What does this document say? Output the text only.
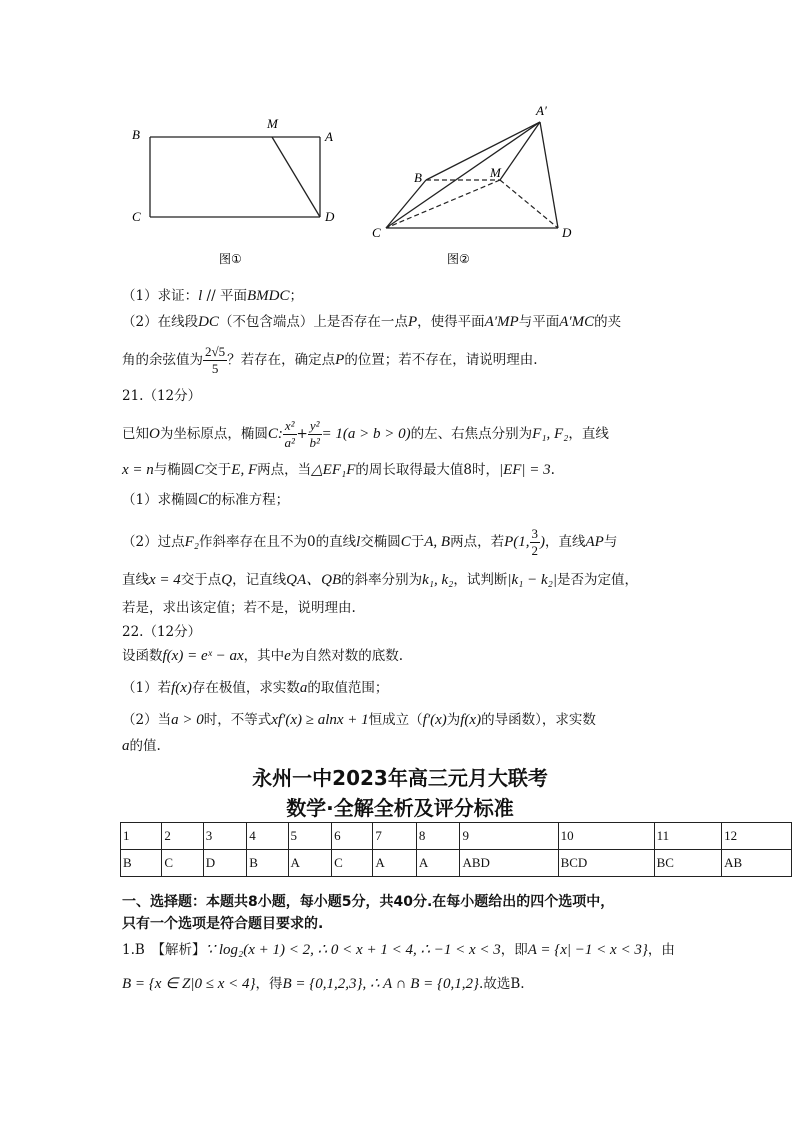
B
M
A
C	D
图①
A′
B	M
C	D
图②
（1）求证：l // 平面BMDC；
（2）在线段DC（不包含端点）上是否存在一点P，使得平面A′MP与平面A′MC的夹
角的余弦值为 $\frac{2√5}{5}$ ？若存在，确定点P的位置；若不存在，请说明理由.
21.（12分）
已知O为坐标原点，椭圆C: $\frac{\text{x²}}{\text{a²}} + \frac{\text{y²}}{\text{b²}} = 1(a > b > 0)$的左、右焦点分别为F₁, F₂，直线
x = n与椭圆C交于E, F两点，当△EF₁F的周长取得最大值8时，|EF| = 3.
（1）求椭圆C的标准方程；
（2）过点F₂作斜率存在且不为0的直线l交椭圆C于A, B两点，若P(1, $\frac{3}{2}$ )，直线AP与
直线x = 4交于点Q，记直线QA、QB的斜率分别为k₁, k₂，试判断|k₁ − k₂|是否为定值，
若是，求出该定值；若不是，说明理由.
22.（12分）
设函数f(x) = eˣ − ax，其中e为自然对数的底数.
（1）若f(x)存在极值，求实数a的取值范围；
（2）当a > 0时，不等式xf′(x) ≥ alnx + 1恒成立（f′(x)为f(x)的导函数），求实数
a的值.
永州一中2023年高三元月大联考
数学·全解全析及评分标准
1	2	3	4	5	6	7	8	9	10	11	12
B	C	D	B	A	C	A	A	ABD	BCD	BC	AB
一、选择题：本题共8小题，每小题5分，共40分.在每小题给出的四个选项中，
只有一个选项是符合题目要求的.
1.B　【解析】∵ log₂(x + 1) < 2, ∴ 0 < x + 1 < 4, ∴ −1 < x < 3，即A = {x| −1 < x < 3}，由
B = {x ∈ Z|0 ≤ x < 4}，得B = {0,1,2,3}, ∴ A ∩ B = {0,1,2}.故选B.
